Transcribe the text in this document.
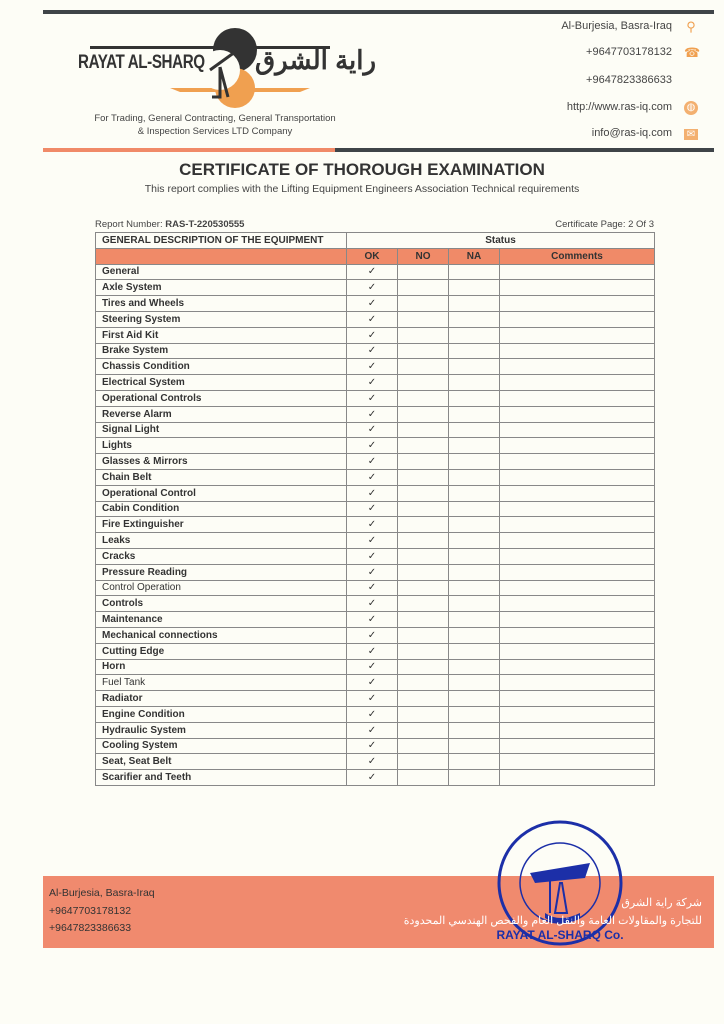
RAYAT AL-SHARQ راية الشرق
For Trading, General Contracting, General Transportation
& Inspection Services LTD Company
Al-Burjesia, Basra-Iraq ⚲
+9647703178132 ☎
+9647823386633
http://www.ras-iq.com ◍
info@ras-iq.com ✉
CERTIFICATE OF THOROUGH EXAMINATION
This report complies with the Lifting Equipment Engineers Association Technical requirements
Report Number: RAS-T-220530555	Certificate Page: 2 Of 3
GENERAL DESCRIPTION OF THE EQUIPMENT	Status			
	OK	NO	NA	Comments
General	✓			
Axle System	✓			
Tires and Wheels	✓			
Steering System	✓			
First Aid Kit	✓			
Brake System	✓			
Chassis Condition	✓			
Electrical System	✓			
Operational Controls	✓			
Reverse Alarm	✓			
Signal Light	✓			
Lights	✓			
Glasses & Mirrors	✓			
Chain Belt	✓			
Operational Control	✓			
Cabin Condition	✓			
Fire Extinguisher	✓			
Leaks	✓			
Cracks	✓			
Pressure Reading	✓			
Control Operation	✓			
Controls	✓			
Maintenance	✓			
Mechanical connections	✓			
Cutting Edge	✓			
Horn	✓			
Fuel Tank	✓			
Radiator	✓			
Engine Condition	✓			
Hydraulic System	✓			
Cooling System	✓			
Seat, Seat Belt	✓			
Scarifier and Teeth	✓			
Al-Burjesia, Basra-Iraq
+9647703178132
+9647823386633
شركة راية الشرق
للتجارة والمقاولات العامة والنقل العام والفحص الهندسي المحدودة
RAYAT AL-SHARQ Co.
